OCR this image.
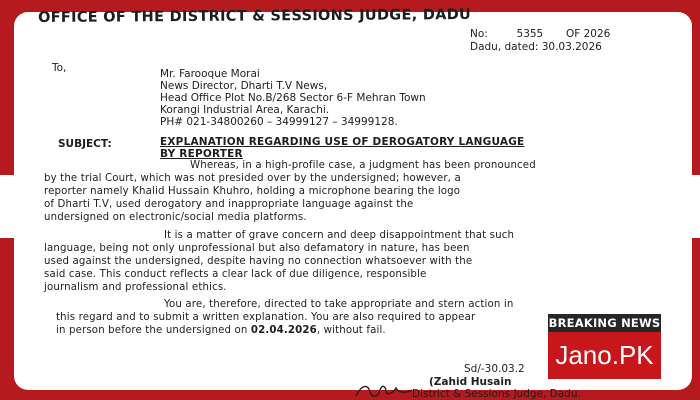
OFFICE OF THE DISTRICT & SESSIONS JUDGE, DADU
No:	5355 OF 2026
Dadu, dated: 30.03.2026
To,	Mr. Farooque Morai
News Director, Dharti T.V News,
Head Office Plot No.B/268 Sector 6-F Mehran Town
Korangi Industrial Area, Karachi.
PH# 021-34800260 – 34999127 – 34999128.
SUBJECT:	EXPLANATION REGARDING USE OF DEROGATORY LANGUAGE
BY REPORTER
Whereas, in a high-profile case, a judgment has been pronounced
by the trial Court, which was not presided over by the undersigned; however, a
reporter namely Khalid Hussain Khuhro, holding a microphone bearing the logo
of Dharti T.V, used derogatory and inappropriate language against the
undersigned on electronic/social media platforms.
It is a matter of grave concern and deep disappointment that such
language, being not only unprofessional but also defamatory in nature, has been
used against the undersigned, despite having no connection whatsoever with the
said case. This conduct reflects a clear lack of due diligence, responsible
journalism and professional ethics.
You are, therefore, directed to take appropriate and stern action in
this regard and to submit a written explanation. You are also required to appear
in person before the undersigned on 02.04.2026, without fail.
Sd/-30.03.2
(Zahid Husain
District & Sessions Judge, Dadu.
BREAKING NEWS
Jano.PK
